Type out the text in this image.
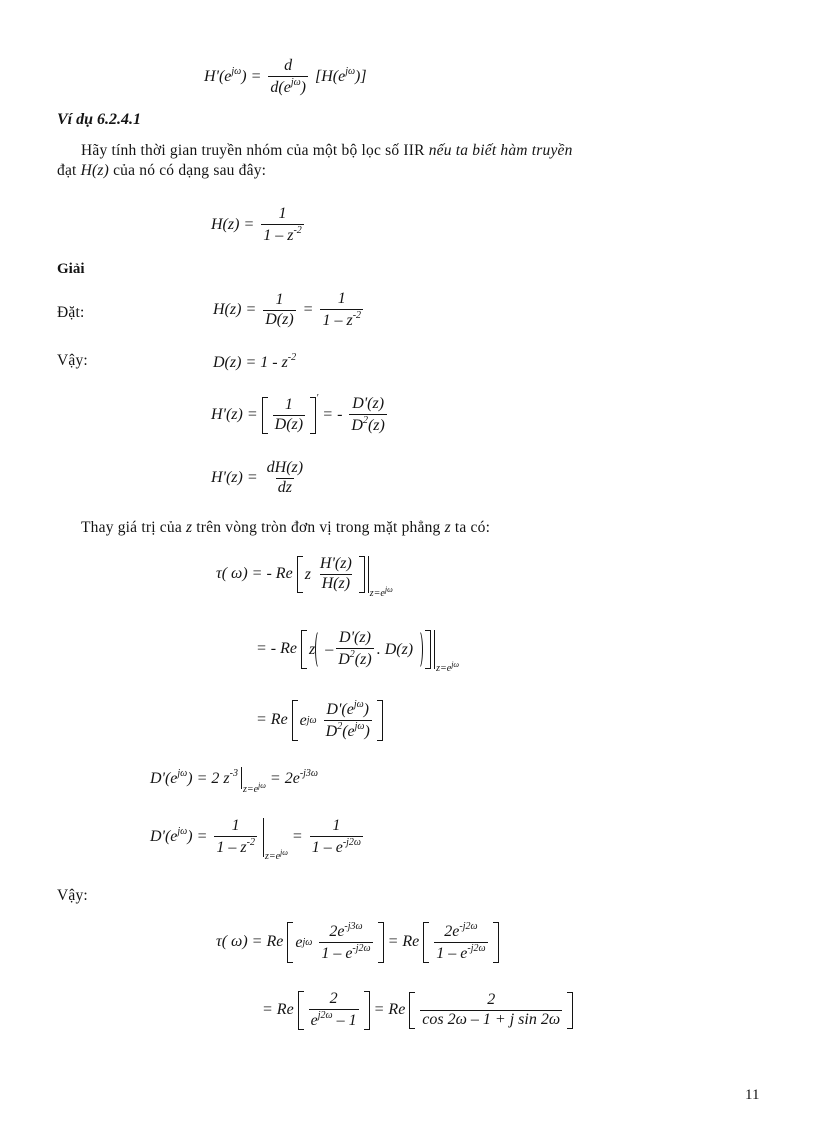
$H'(e^{j\omega}) = \frac{d}{d(e^{j\omega})} [H(e^{j\omega})]$
Ví dụ 6.2.4.1
Hãy tính thời gian truyền nhóm của một bộ lọc số IIR nếu ta biết hàm truyền
đạt H(z) của nó có dạng sau đây:
$H(z) = \frac{1}{1 - z^{-2}}$
Giải
Đặt:	$H(z) = \frac{1}{D(z)} = \frac{1}{1 - z^{-2}}$
Vậy:	$D(z) = 1 - z^{-2}$
$H'(z) = \frac{1}{D(z)} '$ = - $\frac{D'(z)}{D^2(z)}$
$H'(z) = \frac{dH(z)}{dz}$
Thay giá trị của z trên vòng tròn đơn vị trong mặt phẳng z ta có:
τ( ω) = - Re z
$\frac{H'(z)}{H(z)}$
$z=e^{j\omega}$
= - Re z – $\frac{D'(z)}{D^2(z)}$ . D(z)
$z=e^{j\omega}$
= Re e jω
$\frac{D'(e^{j\omega})}{D^2(e^{j\omega})}$
$D'(e^{j\omega}) = 2$ $z^{-3}z=e^{j\omega} = 2e^{-j3\omega}$
$D'(e^{j\omega}) = \frac{1}{1 - z^{-2}} z=e^{j\omega} = \frac{1}{1 - e^{-j2\omega}}$
Vậy:
τ( ω) = Re e jω
$\frac{2e^{-j3\omega}}{1 - e^{-j2\omega}} = Re \frac{2e^{-j2\omega}}{1 - e^{-j2\omega}}$
= Re $\frac{2}{e^{j2\omega} - 1} = Re \frac{2}{\text{cos 2ω – 1 + j sin 2ω}}$
11
